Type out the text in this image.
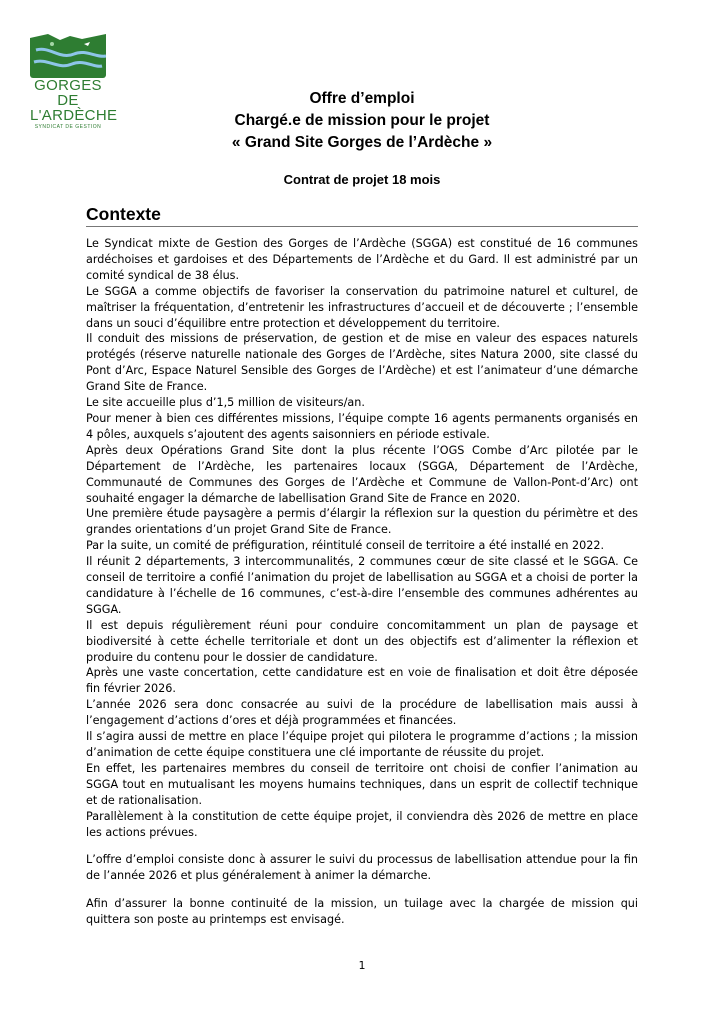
GORGES
DE L'ARDÈCHE
SYNDICAT DE GESTION
Offre d’emploi
Chargé.e de mission pour le projet
« Grand Site Gorges de l’Ardèche »
Contrat de projet 18 mois
Contexte

Le Syndicat mixte de Gestion des Gorges de l’Ardèche (SGGA) est constitué de 16 communes ardéchoises et gardoises et des Départements de l’Ardèche et du Gard. Il est administré par un comité syndical de 38 élus.

Le SGGA a comme objectifs de favoriser la conservation du patrimoine naturel et culturel, de maîtriser la fréquentation, d’entretenir les infrastructures d’accueil et de découverte ; l’ensemble dans un souci d’équilibre entre protection et développement du territoire.

Il conduit des missions de préservation, de gestion et de mise en valeur des espaces naturels protégés (réserve naturelle nationale des Gorges de l’Ardèche, sites Natura 2000, site classé du Pont d’Arc, Espace Naturel Sensible des Gorges de l’Ardèche) et est l’animateur d’une démarche Grand Site de France.

Le site accueille plus d’1,5 million de visiteurs/an.

Pour mener à bien ces différentes missions, l’équipe compte 16 agents permanents organisés en 4 pôles, auxquels s’ajoutent des agents saisonniers en période estivale.

Après deux Opérations Grand Site dont la plus récente l’OGS Combe d’Arc pilotée par le Département de l’Ardèche, les partenaires locaux (SGGA, Département de l’Ardèche, Communauté de Communes des Gorges de l’Ardèche et Commune de Vallon-Pont-d’Arc) ont souhaité engager la démarche de labellisation Grand Site de France en 2020.

Une première étude paysagère a permis d’élargir la réflexion sur la question du périmètre et des grandes orientations d’un projet Grand Site de France.

Par la suite, un comité de préfiguration, réintitulé conseil de territoire a été installé en 2022.

Il réunit 2 départements, 3 intercommunalités, 2 communes cœur de site classé et le SGGA. Ce conseil de territoire a confié l’animation du projet de labellisation au SGGA et a choisi de porter la candidature à l’échelle de 16 communes, c’est-à-dire l’ensemble des communes adhérentes au SGGA.

Il est depuis régulièrement réuni pour conduire concomitamment un plan de paysage et biodiversité à cette échelle territoriale et dont un des objectifs est d’alimenter la réflexion et produire du contenu pour le dossier de candidature.

Après une vaste concertation, cette candidature est en voie de finalisation et doit être déposée fin février 2026.

L’année 2026 sera donc consacrée au suivi de la procédure de labellisation mais aussi à l’engagement d’actions d’ores et déjà programmées et financées.

Il s’agira aussi de mettre en place l’équipe projet qui pilotera le programme d’actions ; la mission d’animation de cette équipe constituera une clé importante de réussite du projet.

En effet, les partenaires membres du conseil de territoire ont choisi de confier l’animation au SGGA tout en mutualisant les moyens humains techniques, dans un esprit de collectif technique et de rationalisation.

Parallèlement à la constitution de cette équipe projet, il conviendra dès 2026 de mettre en place les actions prévues.

L’offre d’emploi consiste donc à assurer le suivi du processus de labellisation attendue pour la fin de l’année 2026 et plus généralement à animer la démarche.

Afin d’assurer la bonne continuité de la mission, un tuilage avec la chargée de mission qui quittera son poste au printemps est envisagé.

1
